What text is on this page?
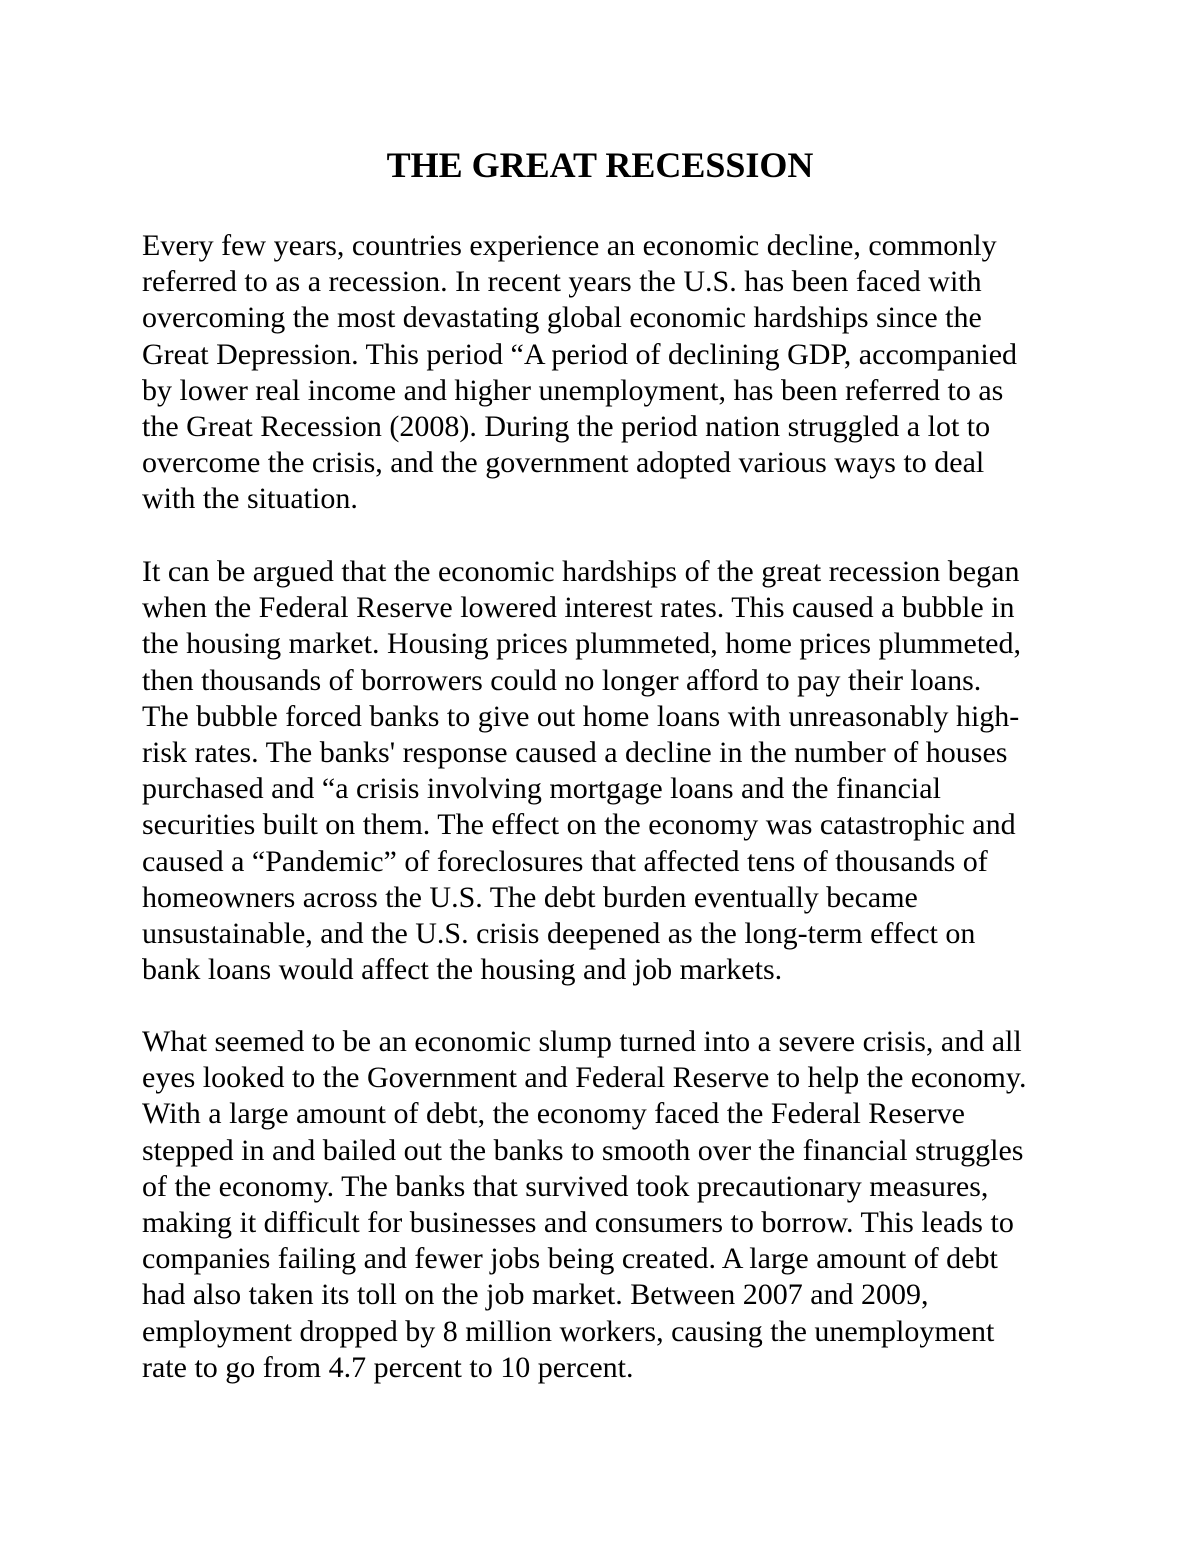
THE GREAT RECESSION

Every few years, countries experience an economic decline, commonly
referred to as a recession. In recent years the U.S. has been faced with
overcoming the most devastating global economic hardships since the
Great Depression. This period “A period of declining GDP, accompanied
by lower real income and higher unemployment, has been referred to as
the Great Recession (2008). During the period nation struggled a lot to
overcome the crisis, and the government adopted various ways to deal
with the situation.

It can be argued that the economic hardships of the great recession began
when the Federal Reserve lowered interest rates. This caused a bubble in
the housing market. Housing prices plummeted, home prices plummeted,
then thousands of borrowers could no longer afford to pay their loans.
The bubble forced banks to give out home loans with unreasonably high-
risk rates. The banks' response caused a decline in the number of houses
purchased and “a crisis involving mortgage loans and the financial
securities built on them. The effect on the economy was catastrophic and
caused a “Pandemic” of foreclosures that affected tens of thousands of
homeowners across the U.S. The debt burden eventually became
unsustainable, and the U.S. crisis deepened as the long-term effect on
bank loans would affect the housing and job markets.

What seemed to be an economic slump turned into a severe crisis, and all
eyes looked to the Government and Federal Reserve to help the economy.
With a large amount of debt, the economy faced the Federal Reserve
stepped in and bailed out the banks to smooth over the financial struggles
of the economy. The banks that survived took precautionary measures,
making it difficult for businesses and consumers to borrow. This leads to
companies failing and fewer jobs being created. A large amount of debt
had also taken its toll on the job market. Between 2007 and 2009,
employment dropped by 8 million workers, causing the unemployment
rate to go from 4.7 percent to 10 percent.
